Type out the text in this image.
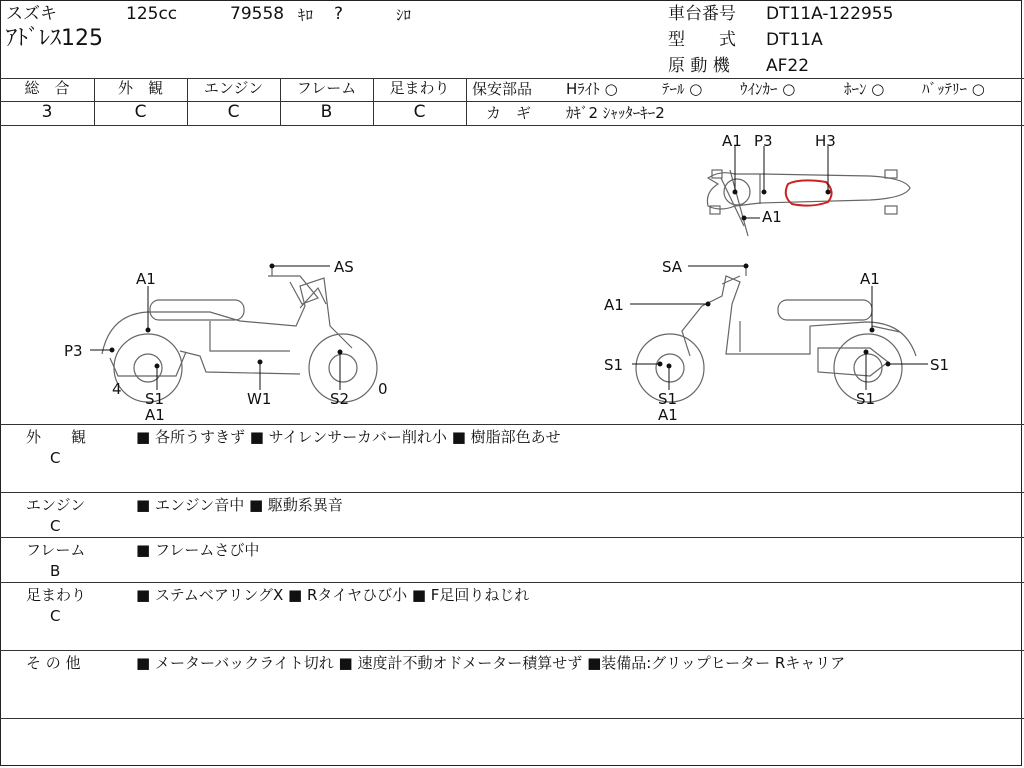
スズキ	125cc	79558 ｷﾛ ?	ｼﾛ
ｱﾄﾞﾚｽ125
車台番号 DT11A-122955
型　　式 DT11A
原 動 機 AF22
総　合	外　観	エンジン	フレーム	足まわり
3	C	C	B	C
保安部品 Hﾗｲﾄ ○	ﾃｰﾙ ○	ｳｲﾝｶｰ ○	ﾎｰﾝ ○	ﾊﾞｯﾃﾘｰ ○
カ　ギ ｶｷﾞ2 ｼｬｯﾀｰｷｰ2
A1 P3	H3
A1
A1
AS
P3
4
S1
A1
W1	S2
0
SA
A1
A1
S1
S1
A1
S1
S1
外　　観
C
■ 各所うすきず ■ サイレンサーカバー削れ小 ■ 樹脂部色あせ
エンジン
C
■ エンジン音中 ■ 駆動系異音
フレーム
B
■ フレームさび中
足まわり
C
■ ステムベアリングX ■ Rタイヤひび小 ■ F足回りねじれ
そ の 他	■ メーターバックライト切れ ■ 速度計不動オドメーター積算せず ■装備品:グリップヒーター Rキャリア
